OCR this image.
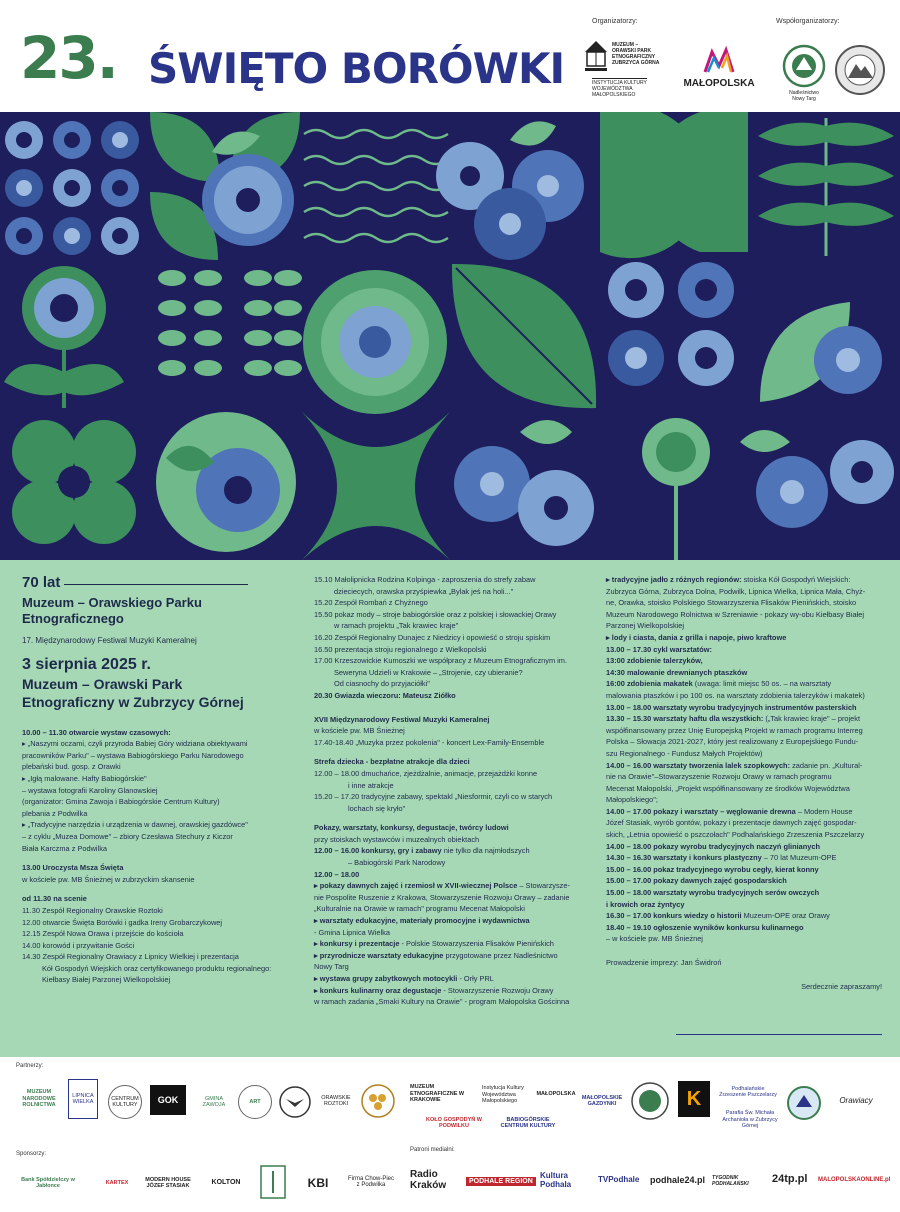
23. ŚWIĘTO BORÓWKI
Organizatorzy:	Współorganizatorzy:
MUZEUM –
ORAWSKI PARK
ETNOGRAFICZNY
ZUBRZYCA GÓRNA
INSTYTUCJA KULTURY
WOJEWÓDZTWA
MAŁOPOLSKIEGO
MAŁOPOLSKA
Nadleśnictwo
Nowy Targ
70 lat
Muzeum – Orawskiego Parku
Etnograficznego
17. Międzynarodowy Festiwal Muzyki Kameralnej
3 sierpnia 2025 r.
Muzeum – Orawski Park
Etnograficzny w Zubrzycy Górnej
10.00 – 11.30 otwarcie wystaw czasowych:
▸ „Naszymi oczami, czyli przyroda Babiej Góry widziana obiektywami
pracowników Parku" – wystawa Babiogórskiego Parku Narodowego
plebański bud. gosp. z Orawki
▸ „Igłą malowane. Hafty Babiogórskie"
– wystawa fotografii Karoliny Glanowskiej
(organizator: Gmina Zawoja i Babiogórskie Centrum Kultury)
plebania z Podwilka
▸ „Tradycyjne narzędzia i urządzenia w dawnej, orawskiej gazdówce"
– z cyklu „Muzea Domowe" – zbiory Czesława Stechury z Kiczor
Biała Karczma z Podwilka
13.00 Uroczysta Msza Święta
w kościele pw. MB Śnieżnej w zubrzyckim skansenie
od 11.30 na scenie
11.30 Zespół Regionalny Orawskie Roztoki
12.00 otwarcie Święta Borówki i gadka Ireny Grobarczykowej
12.15 Zespół Nowa Orawa i przejście do kościoła
14.00 korowód i przywitanie Gości
14.30 Zespół Regionalny Orawiacy z Lipnicy Wielkiej i prezentacja
Kół Gospodyń Wiejskich oraz certyfikowanego produktu regionalnego:
Kiełbasy Białej Parzonej Wielkopolskiej
15.10 Małolipnicka Rodzina Kolpinga - zaproszenia do strefy zabaw
dzieciecych, orawska przyśpiewka „Bylak jeś na holi..."
15.20 Zespół Rombań z Chyżnego
15.50 pokaz mody – stroje babiogórskie oraz z polskiej i słowackiej Orawy
w ramach projektu „Tak krawiec kraje"
16.20 Zespół Regionalny Dunajec z Niedzicy i opowieść o stroju spiskim
16.50 prezentacja stroju regionalnego z Wielkopolski
17.00 Krzeszowickie Kumoszki we współpracy z Muzeum Etnograficznym im.
Seweryna Udzieli w Krakowie – „Strojenie, czy ubieranie?
Od ciasnochy do przyjaciółki"
20.30 Gwiazda wieczoru: Mateusz Ziółko
XVII Międzynarodowy Festiwal Muzyki Kameralnej
w kościele pw. MB Śnieżnej
17.40-18.40 „Muzyka przez pokolenia" - koncert Lex-Family-Ensemble
Strefa dziecka - bezpłatne atrakcje dla dzieci
12.00 – 18.00 dmuchańce, zjeżdżalnie, animacje, przejażdżki konne
i inne atrakcje
15.20 – 17.20 tradycyjne zabawy, spektakl „Niesformir, czyli co w starych
lochach się kryło"
Pokazy, warsztaty, konkursy, degustacje, twórcy ludowi
przy stoiskach wystawców i muzealnych obiektach
12.00 – 16.00 konkursy, gry i zabawy nie tylko dla najmłodszych
– Babiogórski Park Narodowy
12.00 – 18.00
▸ pokazy dawnych zajęć i rzemiosł w XVII-wiecznej Polsce – Stowarzysze-
nie Pospolite Ruszenie z Krakowa, Stowarzyszenie Rozwoju Orawy – zadanie
„Kulturalnie na Orawie w ramach" programu Mecenat Małopolski
▸ warsztaty edukacyjne, materiały promocyjne i wydawnictwa
- Gmina Lipnica Wielka
▸ konkursy i prezentacje - Polskie Stowarzyszenia Flisaków Pienińskich
▸ przyrodnicze warsztaty edukacyjne przygotowane przez Nadleśnictwo
Nowy Targ
▸ wystawa grupy zabytkowych motocykli - Orły PRL
▸ konkurs kulinarny oraz degustacje - Stowarzyszenie Rozwoju Orawy
w ramach zadania „Smaki Kultury na Orawie" - program Małopolska Gościnna
▸ tradycyjne jadło z różnych regionów: stoiska Kół Gospodyń Wiejskich:
Zubrzyca Górna, Zubrzyca Dolna, Podwilk, Lipnica Wielka, Lipnica Mała, Chyż-
ne, Orawka, stoisko Polskiego Stowarzyszenia Flisaków Pienińskich, stoisko
Muzeum Narodowego Rolnictwa w Szreniawie - pokazy wy-obu Kiełbasy Białej
Parzonej Wielkopolskiej
▸ lody i ciasta, dania z grilla i napoje, piwo kraftowe
13.00 – 17.30 cykl warsztatów:
13:00 zdobienie talerzyków,
14:30 malowanie drewnianych ptaszków
16:00 zdobienia makatek (uwaga: limit miejsc 50 os. – na warsztaty
malowania ptaszków i po 100 os. na warsztaty zdobienia talerzyków i makatek)
13.00 – 18.00 warsztaty wyrobu tradycyjnych instrumentów pasterskich
13.30 – 15.30 warsztaty haftu dla wszystkich: („Tak krawiec kraje" – projekt
współfinansowany przez Unię Europejską Projekt w ramach programu Interreg
Polska – Słowacja 2021-2027, który jest realizowany z Europejskiego Fundu-
szu Regionalnego - Fundusz Małych Projektów)
14.00 – 16.00 warsztaty tworzenia lalek szopkowych: zadanie pn. „Kultural-
nie na Orawie"–Stowarzyszenie Rozwoju Orawy w ramach programu
Mecenat Małopolski, „Projekt współfinansowany ze środków Województwa
Małopolskiego";
14.00 – 17.00 pokazy i warsztaty – węglowanie drewna – Modern House
Józef Stasiak, wyrób gontów, pokazy i prezentacje dawnych zajęć gospodar-
skich, „Letnia opowieść o pszczołach" Podhalańskiego Zrzeszenia Pszczelarzy
14.00 – 18.00 pokazy wyrobu tradycyjnych naczyń glinianych
14.30 – 16.30 warsztaty i konkurs plastyczny – 70 lat Muzeum-OPE
15.00 – 16.00 pokaz tradycyjnego wyrobu cegły, kierat konny
15.00 – 17.00 pokazy dawnych zajęć gospodarskich
15.00 – 18.00 warsztaty wyrobu tradycyjnych serów owczych
i krowich oraz żyntycy
16.30 – 17.00 konkurs wiedzy o historii Muzeum-OPE oraz Orawy
18.40 – 19.10 ogłoszenie wyników konkursu kulinarnego
– w kościele pw. MB Śnieżnej
Prowadzenie imprezy: Jan Świdroń
Serdecznie zapraszamy!
Partnerzy:
Sponsorzy:
Patroni medialni:
MUZEUM NARODOWE ROLNICTWA
LIPNICA WIELKA
CENTRUM KULTURY
GOK	GMINA ZAWOJA
ART
ORAWSKIE ROZTOKI
MUZEUM ETNOGRAFICZNE W KRAKOWIE
Instytucja Kultury Województwa Małopolskiego
MAŁOPOLSKA
MAŁOPOLSKIE GAZDYNKI
KOŁO GOSPODYŃ W PODWILKU
BABIOGÓRSKIE CENTRUM KULTURY
K	Podhalańskie Zrzeszenie Pszczelarzy
Parafia Św. Michała Archanioła w Zubrzycy Górnej
Orawiacy
Bank Spółdzielczy w Jabłonce
KARTEX
MODERN HOUSE JÓZEF STASIAK
KOLTON	KBI	Firma Chow-Piec z Podwilka
Radio Kraków	PODHALE REGION
Kultura Podhala
TVPodhale podhale24.pl TYGODNIK PODHALAŃSKI	24tp.pl MALOPOLSKAONLINE.pl
